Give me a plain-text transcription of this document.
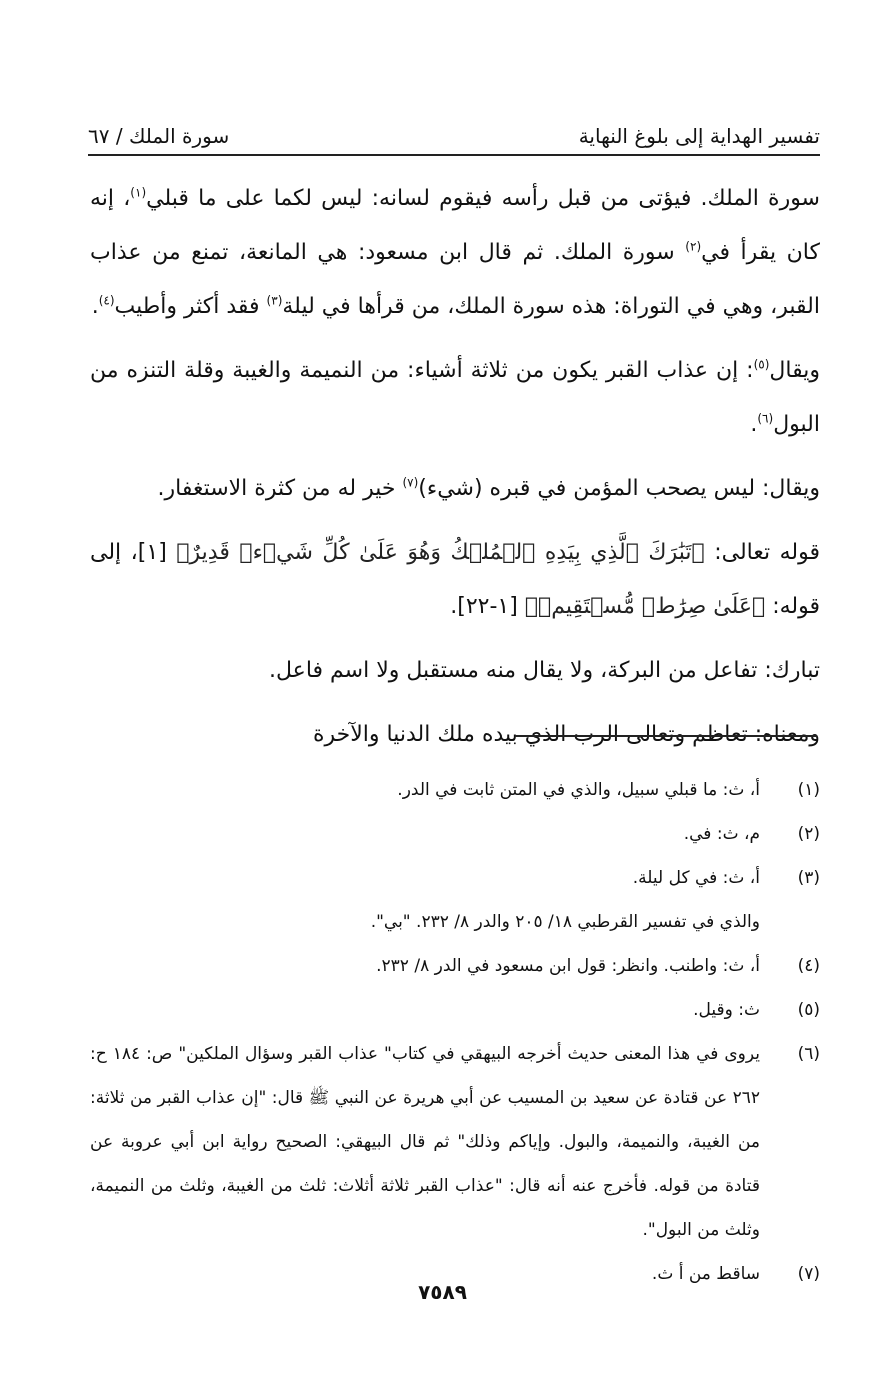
تفسير الهداية إلى بلوغ النهاية
سورة الملك / ٦٧

سورة الملك. فيؤتى من قبل رأسه فيقوم لسانه: ليس لكما على ما قبلي$^{(١)}$، إنه كان يقرأ في$^{(٢)}$ سورة الملك. ثم قال ابن مسعود: هي المانعة، تمنع من عذاب القبر، وهي في التوراة: هذه سورة الملك، من قرأها في ليلة$^{(٣)}$ فقد أكثر وأطيب$^{(٤)}$.

ويقال$^{(٥)}$: إن عذاب القبر يكون من ثلاثة أشياء: من النميمة والغيبة وقلة التنزه من البول$^{(٦)}$.

ويقال: ليس يصحب المؤمن في قبره (شيء)$^{(٧)}$ خير له من كثرة الاستغفار.

قوله تعالى: ﴿تَبَٰرَكَ ٱلَّذِي بِيَدِهِ ٱلۡمُلۡكُ وَهُوَ عَلَىٰ كُلِّ شَيۡءٖ قَدِيرٌ﴾ [١]، إلى قوله: ﴿عَلَىٰ صِرَٰطٖ مُّسۡتَقِيمٖ﴾ [١-٢٢].

تبارك: تفاعل من البركة، ولا يقال منه مستقبل ولا اسم فاعل.

ومعناه: تعاظم وتعالى الرب الذي بيده ملك الدنيا والآخرة

(١)
أ، ث: ما قبلي سبيل، والذي في المتن ثابت في الدر.
(٢)
م، ث: في.
(٣)
أ، ث: في كل ليلة.
والذي في تفسير القرطبي ١٨/ ٢٠٥ والدر ٨/ ٢٣٢. "بي".
(٤)
أ، ث: واطنب. وانظر: قول ابن مسعود في الدر ٨/ ٢٣٢.
(٥)
ث: وقيل.
(٦)
يروى في هذا المعنى حديث أخرجه البيهقي في كتاب" عذاب القبر وسؤال الملكين" ص: ١٨٤ ح: ٢٦٢ عن قتادة عن سعيد بن المسيب عن أبي هريرة عن النبي ﷺ قال: "إن عذاب القبر من ثلاثة: من الغيبة، والنميمة، والبول. وإياكم وذلك" ثم قال البيهقي: الصحيح رواية ابن أبي عروبة عن قتادة من قوله. فأخرج عنه أنه قال: "عذاب القبر ثلاثة أثلاث: ثلث من الغيبة، وثلث من النميمة، وثلث من البول".
(٧)
ساقط من أ ث.
٧٥٨٩
